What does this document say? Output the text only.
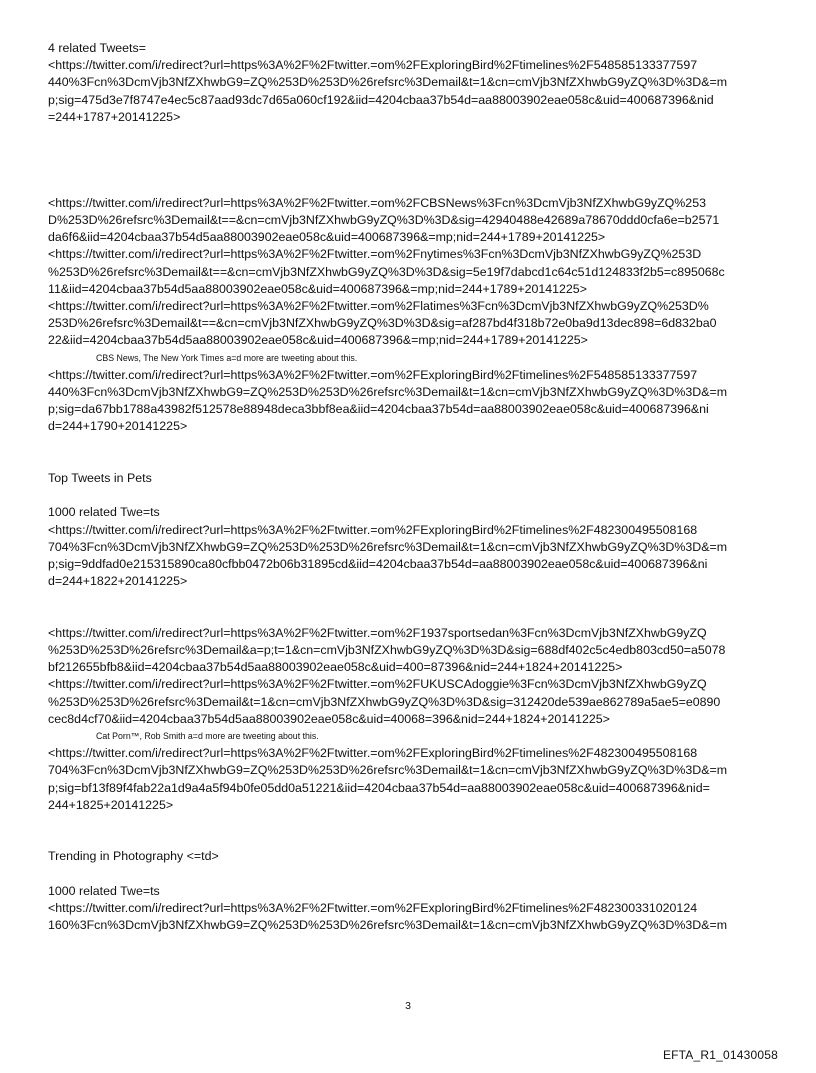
4 related Tweets=
<https://twitter.com/i/redirect?url=https%3A%2F%2Ftwitter.=om%2FExploringBird%2Ftimelines%2F548585133377597
440%3Fcn%3DcmVjb3NfZXhwbG9=ZQ%253D%253D%26refsrc%3Demail&t=1&cn=cmVjb3NfZXhwbG9yZQ%3D%3D&=m
p;sig=475d3e7f8747e4ec5c87aad93dc7d65a060cf192&iid=4204cbaa37b54d=aa88003902eae058c&uid=400687396&nid
=244+1787+20141225>
<https://twitter.com/i/redirect?url=https%3A%2F%2Ftwitter.=om%2FCBSNews%3Fcn%3DcmVjb3NfZXhwbG9yZQ%253
D%253D%26refsrc%3Demail&t==&cn=cmVjb3NfZXhwbG9yZQ%3D%3D&sig=42940488e42689a78670ddd0cfa6e=b2571
da6f6&iid=4204cbaa37b54d5aa88003902eae058c&uid=400687396&=mp;nid=244+1789+20141225>
<https://twitter.com/i/redirect?url=https%3A%2F%2Ftwitter.=om%2Fnytimes%3Fcn%3DcmVjb3NfZXhwbG9yZQ%253D
%253D%26refsrc%3Demail&t==&cn=cmVjb3NfZXhwbG9yZQ%3D%3D&sig=5e19f7dabcd1c64c51d124833f2b5=c895068c
11&iid=4204cbaa37b54d5aa88003902eae058c&uid=400687396&=mp;nid=244+1789+20141225>
<https://twitter.com/i/redirect?url=https%3A%2F%2Ftwitter.=om%2Flatimes%3Fcn%3DcmVjb3NfZXhwbG9yZQ%253D%
253D%26refsrc%3Demail&t==&cn=cmVjb3NfZXhwbG9yZQ%3D%3D&sig=af287bd4f318b72e0ba9d13dec898=6d832ba0
22&iid=4204cbaa37b54d5aa88003902eae058c&uid=400687396&=mp;nid=244+1789+20141225>
CBS News, The New York Times a=d more are tweeting about this.
<https://twitter.com/i/redirect?url=https%3A%2F%2Ftwitter.=om%2FExploringBird%2Ftimelines%2F548585133377597
440%3Fcn%3DcmVjb3NfZXhwbG9=ZQ%253D%253D%26refsrc%3Demail&t=1&cn=cmVjb3NfZXhwbG9yZQ%3D%3D&=m
p;sig=da67bb1788a43982f512578e88948deca3bbf8ea&iid=4204cbaa37b54d=aa88003902eae058c&uid=400687396&ni
d=244+1790+20141225>
Top Tweets in Pets
1000 related Twe=ts
<https://twitter.com/i/redirect?url=https%3A%2F%2Ftwitter.=om%2FExploringBird%2Ftimelines%2F482300495508168
704%3Fcn%3DcmVjb3NfZXhwbG9=ZQ%253D%253D%26refsrc%3Demail&t=1&cn=cmVjb3NfZXhwbG9yZQ%3D%3D&=m
p;sig=9ddfad0e215315890ca80cfbb0472b06b31895cd&iid=4204cbaa37b54d=aa88003902eae058c&uid=400687396&ni
d=244+1822+20141225>
<https://twitter.com/i/redirect?url=https%3A%2F%2Ftwitter.=om%2F1937sportsedan%3Fcn%3DcmVjb3NfZXhwbG9yZQ
%253D%253D%26refsrc%3Demail&a=p;t=1&cn=cmVjb3NfZXhwbG9yZQ%3D%3D&sig=688df402c5c4edb803cd50=a5078
bf212655bfb8&iid=4204cbaa37b54d5aa88003902eae058c&uid=400=87396&nid=244+1824+20141225>
<https://twitter.com/i/redirect?url=https%3A%2F%2Ftwitter.=om%2FUKUSCAdoggie%3Fcn%3DcmVjb3NfZXhwbG9yZQ
%253D%253D%26refsrc%3Demail&t=1&cn=cmVjb3NfZXhwbG9yZQ%3D%3D&sig=312420de539ae862789a5ae5=e0890
cec8d4cf70&iid=4204cbaa37b54d5aa88003902eae058c&uid=40068=396&nid=244+1824+20141225>
Cat Porn™, Rob Smith a=d more are tweeting about this.
<https://twitter.com/i/redirect?url=https%3A%2F%2Ftwitter.=om%2FExploringBird%2Ftimelines%2F482300495508168
704%3Fcn%3DcmVjb3NfZXhwbG9=ZQ%253D%253D%26refsrc%3Demail&t=1&cn=cmVjb3NfZXhwbG9yZQ%3D%3D&=m
p;sig=bf13f89f4fab22a1d9a4a5f94b0fe05dd0a51221&iid=4204cbaa37b54d=aa88003902eae058c&uid=400687396&nid=
244+1825+20141225>
Trending in Photography <=td>
1000 related Twe=ts
<https://twitter.com/i/redirect?url=https%3A%2F%2Ftwitter.=om%2FExploringBird%2Ftimelines%2F482300331020124
160%3Fcn%3DcmVjb3NfZXhwbG9=ZQ%253D%253D%26refsrc%3Demail&t=1&cn=cmVjb3NfZXhwbG9yZQ%3D%3D&=m
3
EFTA_R1_01430058
